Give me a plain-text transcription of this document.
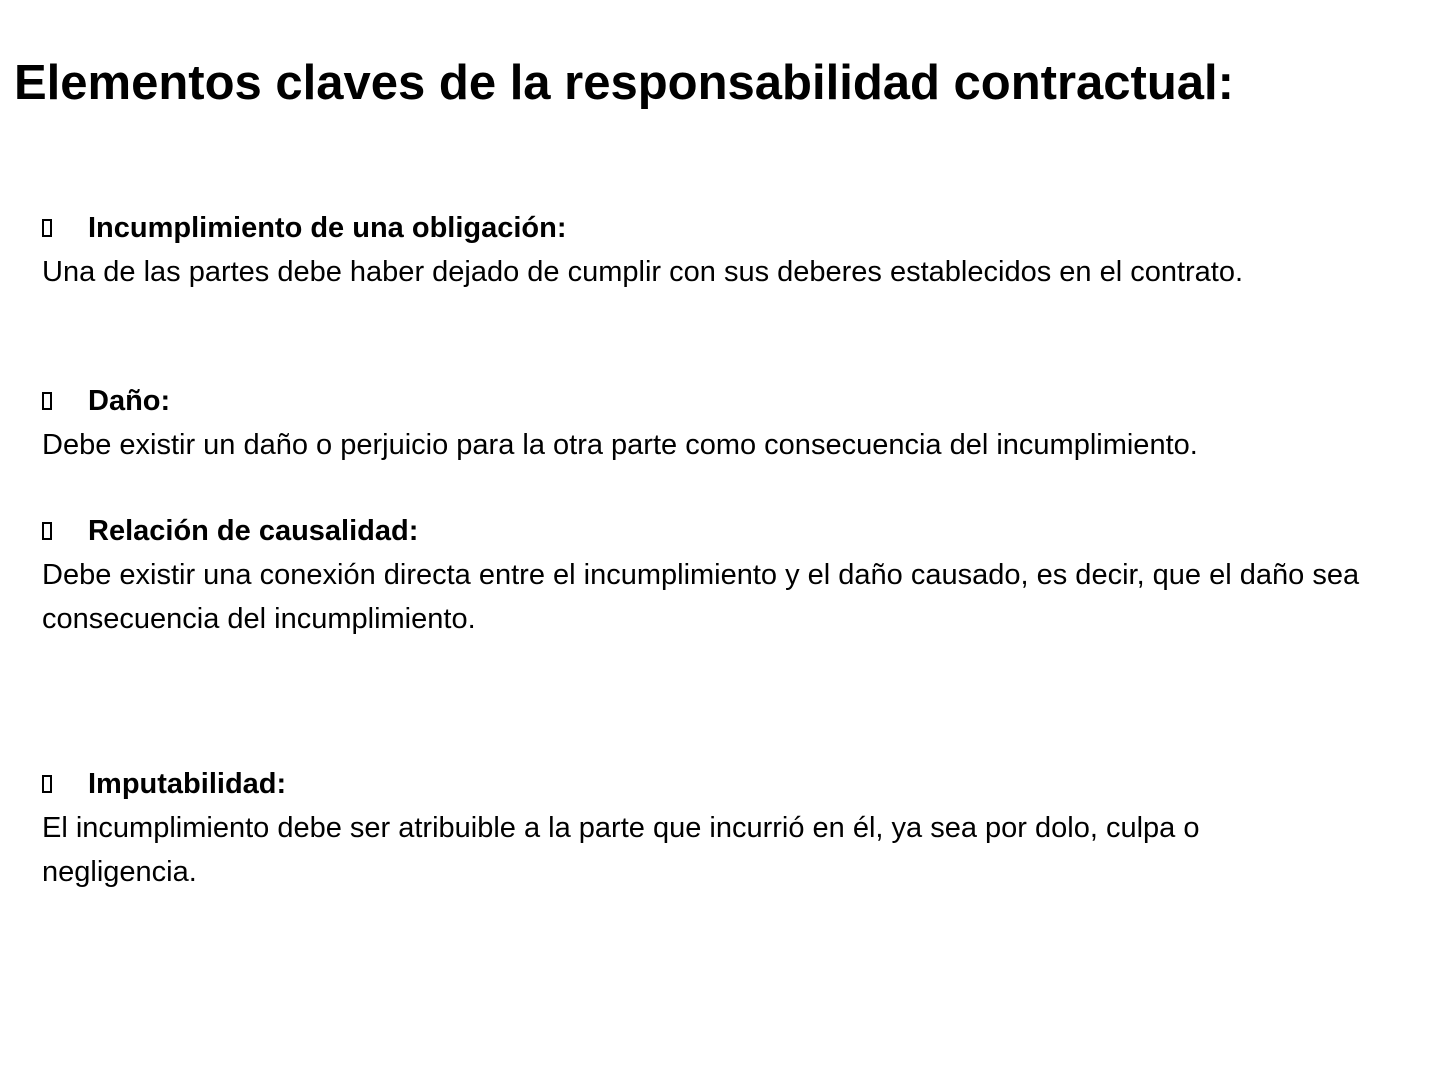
Elementos claves de la responsabilidad contractual:
Incumplimiento de una obligación:

Una de las partes debe haber dejado de cumplir con sus deberes establecidos en el contrato.

Daño:

Debe existir un daño o perjuicio para la otra parte como consecuencia del incumplimiento.

Relación de causalidad:

Debe existir una conexión directa entre el incumplimiento y el daño causado, es decir, que el daño sea consecuencia del incumplimiento.

Imputabilidad:

El incumplimiento debe ser atribuible a la parte que incurrió en él, ya sea por dolo, culpa o negligencia.
